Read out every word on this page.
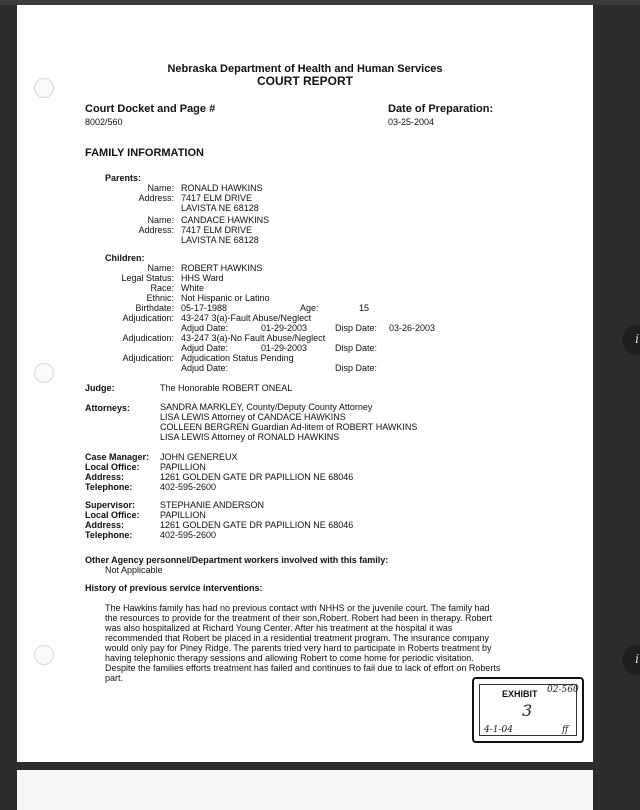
Nebraska Department of Health and Human Services
COURT REPORT
Court Docket and Page #
8002/560
Date of Preparation:
03-25-2004
FAMILY INFORMATION
Parents:
Name: RONALD HAWKINS
Address: 7417 ELM DRIVE
LAVISTA NE 68128
Name: CANDACE HAWKINS
Address: 7417 ELM DRIVE
LAVISTA NE 68128
Children:
Name: ROBERT HAWKINS
Legal Status: HHS Ward
Race: White
Ethnic: Not Hispanic or Latino
Birthdate: 05-17-1988	Age:	15
Adjudication: 43-247 3(a)-Fault Abuse/Neglect
Adjud Date:	01-29-2003	Disp Date: 03-26-2003
Adjudication: 43-247 3(a)-No Fault Abuse/Neglect
Adjud Date:	01-29-2003	Disp Date:
Adjudication: Adjudication Status Pending
Adjud Date:	Disp Date:
Judge:	The Honorable ROBERT ONEAL
Attorneys:	SANDRA MARKLEY, County/Deputy County Attorney
LISA LEWIS Attorney of CANDACE HAWKINS
COLLEEN BERGREN Guardian Ad-litem of ROBERT HAWKINS
LISA LEWIS Attorney of RONALD HAWKINS
Case Manager: JOHN GENEREUX
Local Office: PAPILLION
Address:	1261 GOLDEN GATE DR PAPILLION NE 68046
Telephone:	402-595-2600
Supervisor:	STEPHANIE ANDERSON
Local Office: PAPILLION
Address:	1261 GOLDEN GATE DR PAPILLION NE 68046
Telephone:	402-595-2600
Other Agency personnel/Department workers involved with this family:
Not Applicable
History of previous service interventions:
The Hawkins family has had no previous contact with NHHS or the juvenile court. The family had
the resources to provide for the treatment of their son,Robert. Robert had been in therapy. Robert
was also hospitalized at Richard Young Center. After his treatment at the hospital it was
recommended that Robert be placed in a residential treatment program. The insurance company
would only pay for Piney Ridge. The parents tried very hard to participate in Roberts treatment by
having telephonic therapy sessions and allowing Robert to come home for periodic visitation.
Despite the families efforts treatment has failed and continues to fail due to lack of effort on Roberts
part.
EXHIBIT 02-560
3
4-1-04	ff
i
i
